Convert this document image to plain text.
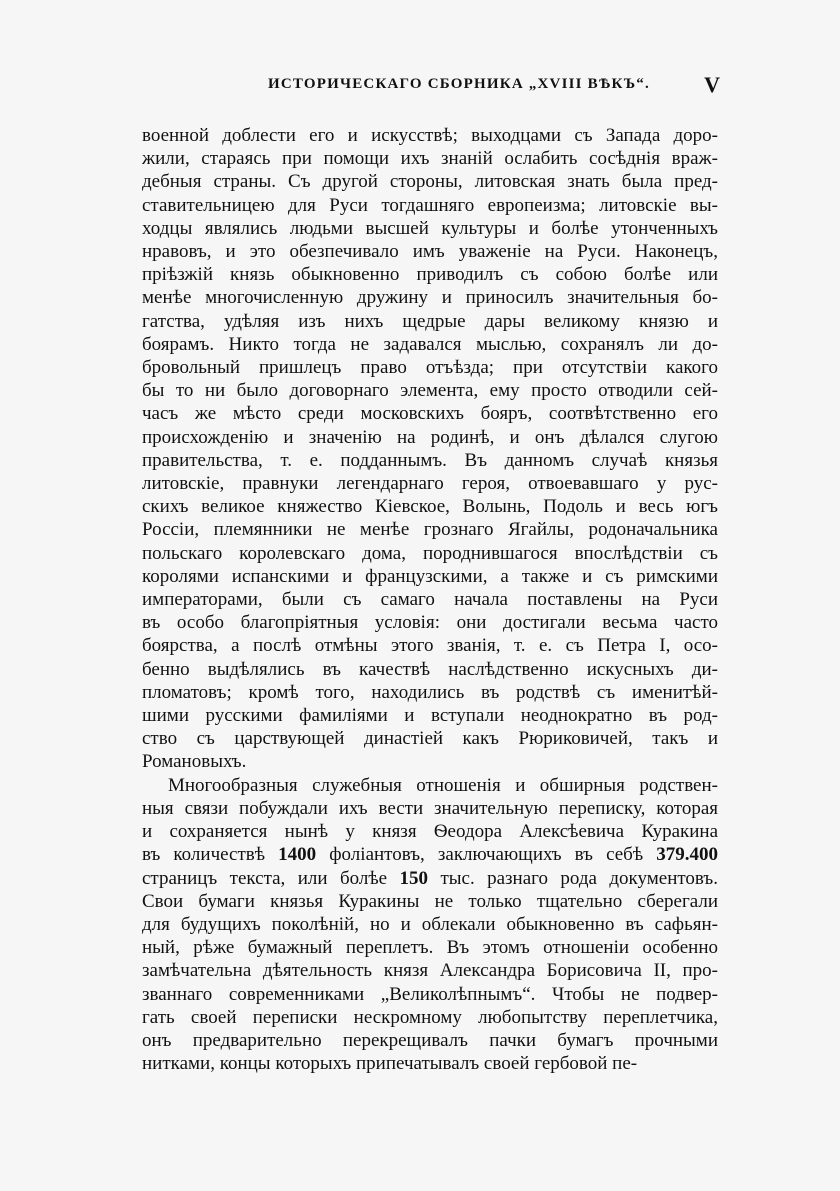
ИСТОРИЧЕСКАГО СБОРНИКА „XVIII ВѢКЪ“. V

военной доблести его и искусствѣ; выходцами съ Запада доро-
жили, стараясь при помощи ихъ знаній ослабить сосѣднія враж-
дебныя страны. Съ другой стороны, литовская знать была пред-
ставительницею для Руси тогдашняго европеизма; литовскіе вы-
ходцы являлись людьми высшей культуры и болѣе утонченныхъ
нравовъ, и это обезпечивало имъ уваженіе на Руси. Наконецъ,
пріѣзжій князь обыкновенно приводилъ съ собою болѣе или
менѣе многочисленную дружину и приносилъ значительныя бо-
гатства, удѣляя изъ нихъ щедрые дары великому князю и
боярамъ. Никто тогда не задавался мыслью, сохранялъ ли до-
бровольный пришлецъ право отъѣзда; при отсутствіи какого
бы то ни было договорнаго элемента, ему просто отводили сей-
часъ же мѣсто среди московскихъ бояръ, соотвѣтственно его
происхожденію и значенію на родинѣ, и онъ дѣлался слугою
правительства, т. е. подданнымъ. Въ данномъ случаѣ князья
литовскіе, правнуки легендарнаго героя, отвоевавшаго у рус-
скихъ великое княжество Кіевское, Волынь, Подоль и весь югъ
Россіи, племянники не менѣе грознаго Ягайлы, родоначальника
польскаго королевскаго дома, породнившагося впослѣдствіи съ
королями испанскими и французскими, а также и съ римскими
императорами, были съ самаго начала поставлены на Руси
въ особо благопріятныя условія: они достигали весьма часто
боярства, а послѣ отмѣны этого званія, т. е. съ Петра I, осо-
бенно выдѣлялись въ качествѣ наслѣдственно искусныхъ ди-
пломатовъ; кромѣ того, находились въ родствѣ съ именитѣй-
шими русскими фамиліями и вступали неоднократно въ род-
ство съ царствующей династіей какъ Рюриковичей, такъ и
Романовыхъ.

Многообразныя служебныя отношенія и обширныя родствен-
ныя связи побуждали ихъ вести значительную переписку, которая
и сохраняется нынѣ у князя Ѳеодора Алексѣевича Куракина
въ количествѣ 1400 фоліантовъ, заключающихъ въ себѣ 379.400
страницъ текста, или болѣе 150 тыс. разнаго рода документовъ.
Свои бумаги князья Куракины не только тщательно сберегали
для будущихъ поколѣній, но и облекали обыкновенно въ сафьян-
ный, рѣже бумажный переплетъ. Въ этомъ отношеніи особенно
замѣчательна дѣятельность князя Александра Борисовича II, про-
званнаго современниками „Великолѣпнымъ“. Чтобы не подвер-
гать своей переписки нескромному любопытству переплетчика,
онъ предварительно перекрещивалъ пачки бумагъ прочными
нитками, концы которыхъ припечатывалъ своей гербовой пе-
